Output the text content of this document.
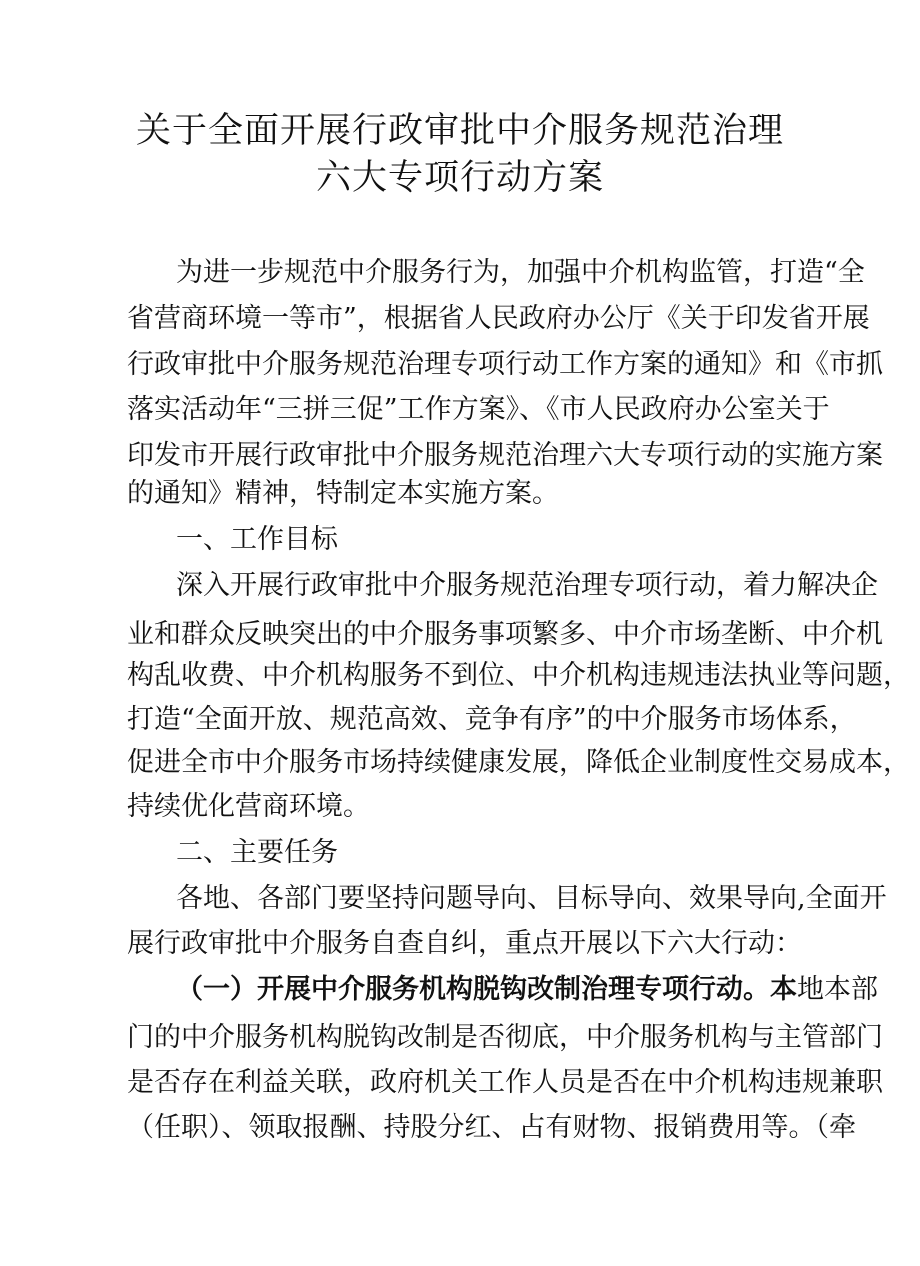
关于全面开展行政审批中介服务规范治理
六大专项行动方案
为进一步规范中介服务行为，加强中介机构监管，打造“全
省营商环境一等市”，根据省人民政府办公厅《关于印发省开展
行政审批中介服务规范治理专项行动工作方案的通知》和《市抓
落实活动年“三拼三促”工作方案》、《市人民政府办公室关于
印发市开展行政审批中介服务规范治理六大专项行动的实施方案
的通知》精神，特制定本实施方案。
一、工作目标
深入开展行政审批中介服务规范治理专项行动，着力解决企
业和群众反映突出的中介服务事项繁多、中介市场垄断、中介机
构乱收费、中介机构服务不到位、中介机构违规违法执业等问题，
打造“全面开放、规范高效、竞争有序”的中介服务市场体系，
促进全市中介服务市场持续健康发展，降低企业制度性交易成本，
持续优化营商环境。
二、主要任务
各地、各部门要坚持问题导向、目标导向、效果导向,全面开
展行政审批中介服务自查自纠，重点开展以下六大行动：
（一）开展中介服务机构脱钩改制治理专项行动。本地本部
门的中介服务机构脱钩改制是否彻底，中介服务机构与主管部门
是否存在利益关联，政府机关工作人员是否在中介机构违规兼职
（任职）、领取报酬、持股分红、占有财物、报销费用等。（牵
